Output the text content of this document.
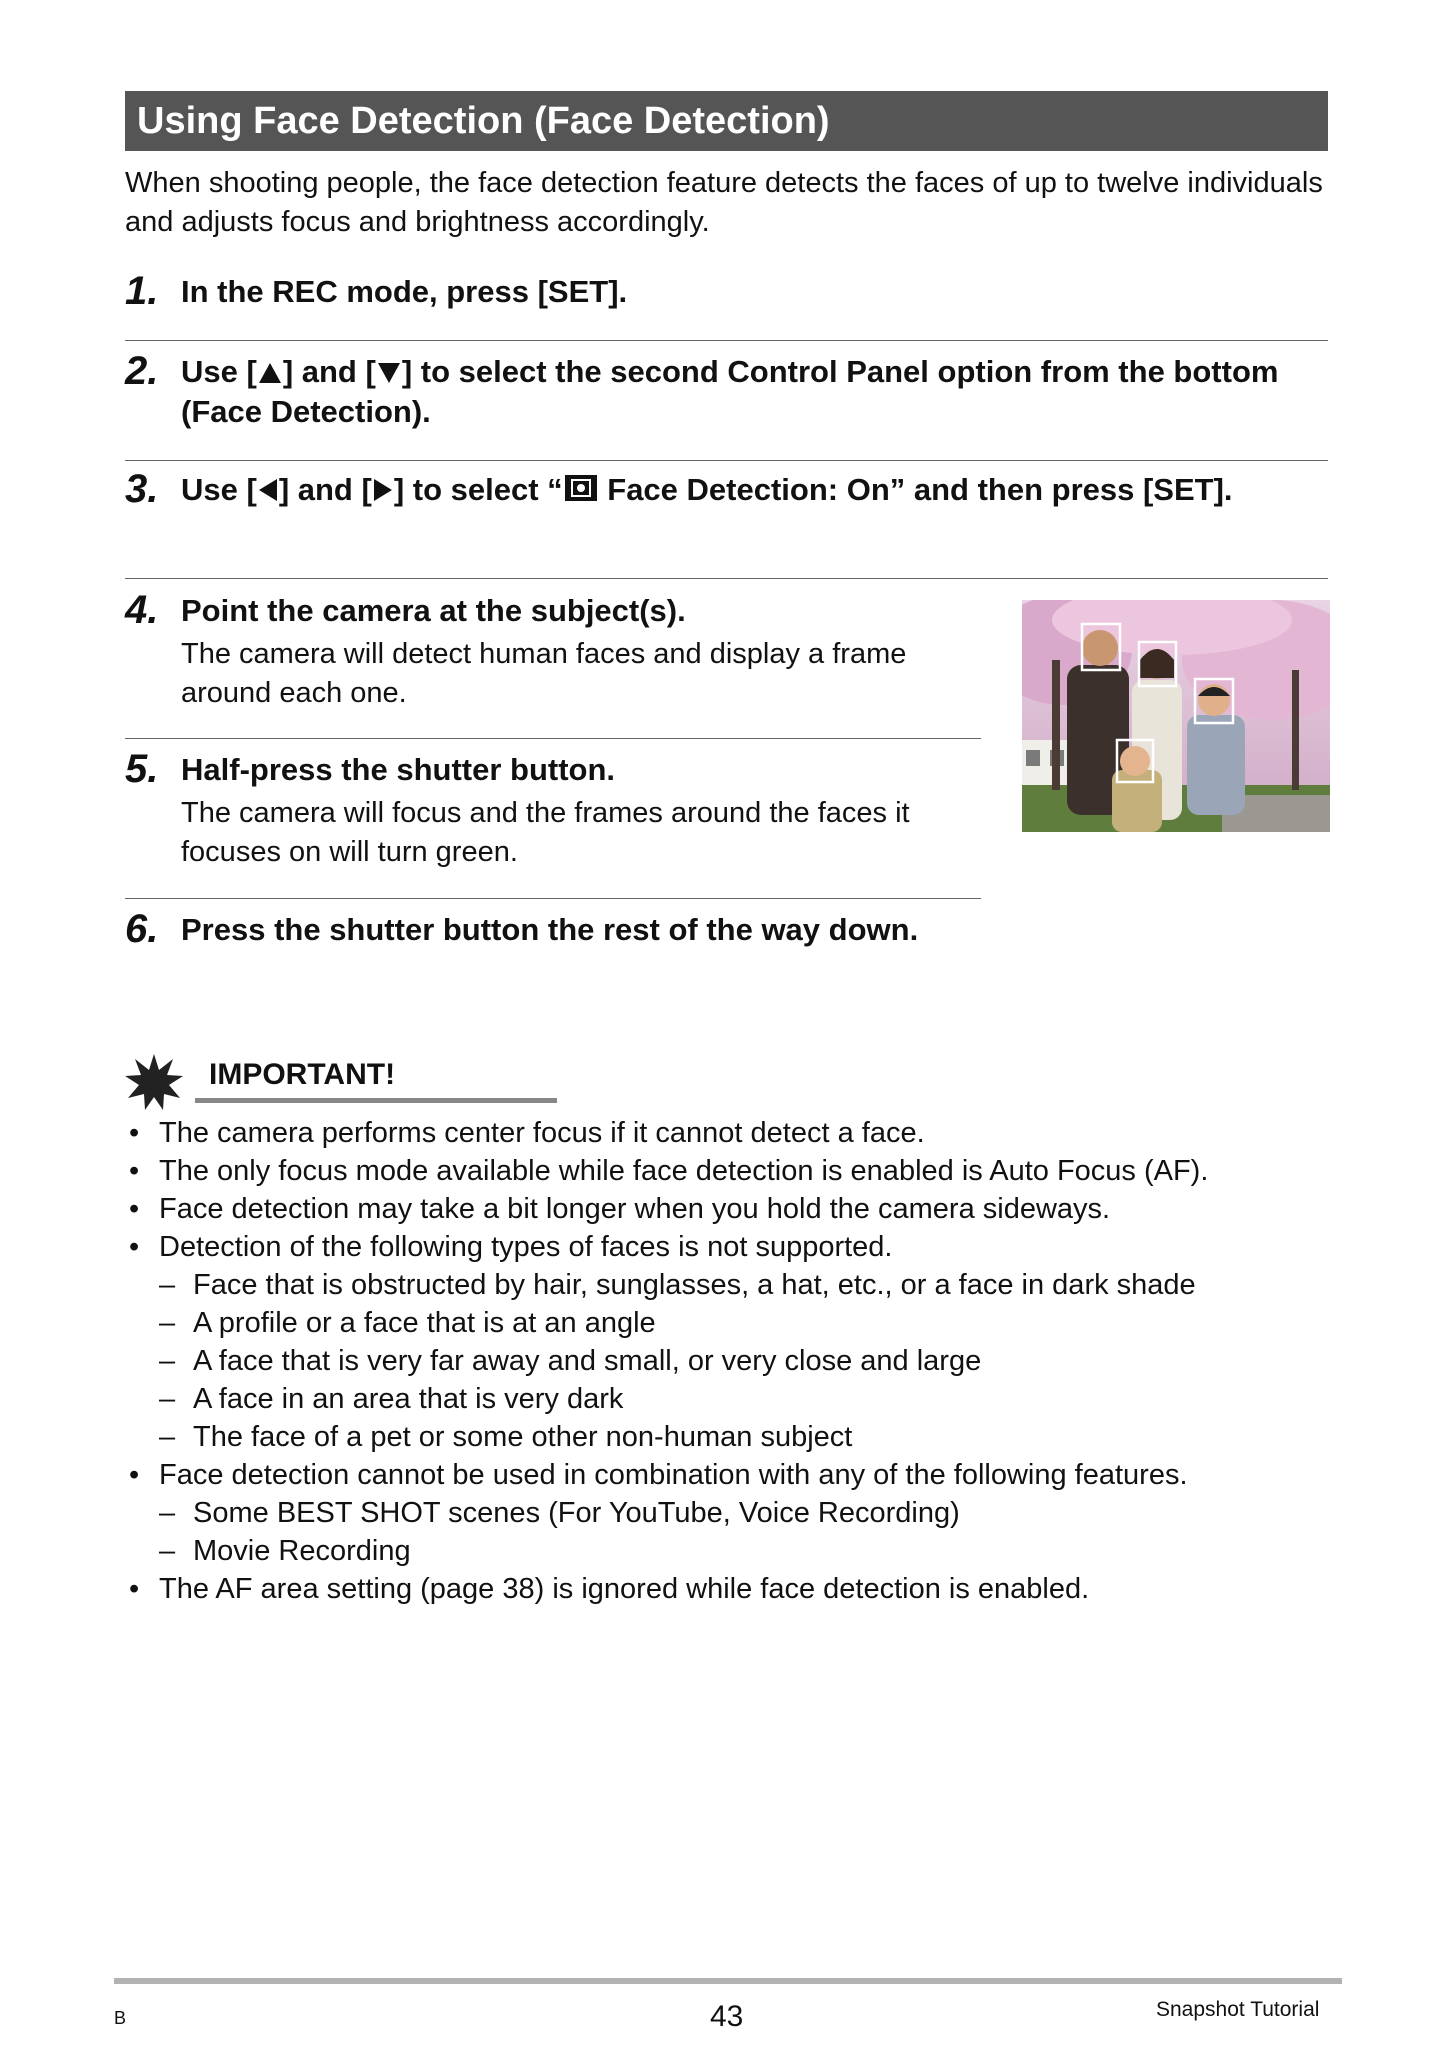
Using Face Detection (Face Detection)

When shooting people, the face detection feature detects the faces of up to twelve individuals and adjusts focus and brightness accordingly.

1. In the REC mode, press [SET].

2. Use [ ] and [ ] to select the second Control Panel option from the bottom (Face Detection).

3. Use [ ] and [ ] to select “ Face Detection: On” and then press [SET].

4. Point the camera at the subject(s).

The camera will detect human faces and display a frame around each one.

5. Half-press the shutter button.

The camera will focus and the frames around the faces it focuses on will turn green.

6. Press the shutter button the rest of the way down.

IMPORTANT!
• The camera performs center focus if it cannot detect a face.
• The only focus mode available while face detection is enabled is Auto Focus (AF).
• Face detection may take a bit longer when you hold the camera sideways.
• Detection of the following types of faces is not supported.
– Face that is obstructed by hair, sunglasses, a hat, etc., or a face in dark shade
– A profile or a face that is at an angle
– A face that is very far away and small, or very close and large
– A face in an area that is very dark
– The face of a pet or some other non-human subject
• Face detection cannot be used in combination with any of the following features.
– Some BEST SHOT scenes (For YouTube, Voice Recording)
– Movie Recording
• The AF area setting (page 38) is ignored while face detection is enabled.
B	43	Snapshot Tutorial
